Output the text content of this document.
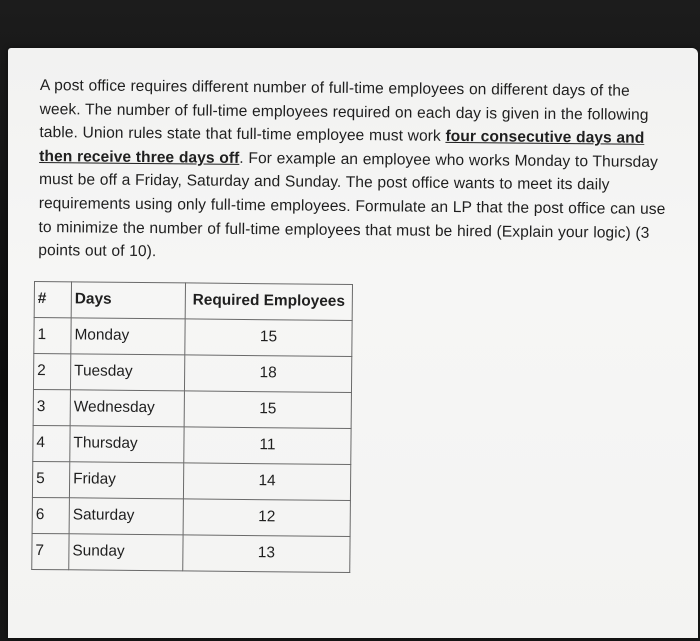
A post office requires different number of full-time employees on different days of the week. The number of full-time employees required on each day is given in the following table. Union rules state that full-time employee must work four consecutive days and then receive three days off. For example an employee who works Monday to Thursday must be off a Friday, Saturday and Sunday. The post office wants to meet its daily requirements using only full-time employees. Formulate an LP that the post office can use to minimize the number of full-time employees that must be hired (Explain your logic) (3 points out of 10).

#	Days	Required Employees
1	Monday	15
2	Tuesday	18
3	Wednesday	15
4	Thursday	11
5	Friday	14
6	Saturday	12
7	Sunday	13
